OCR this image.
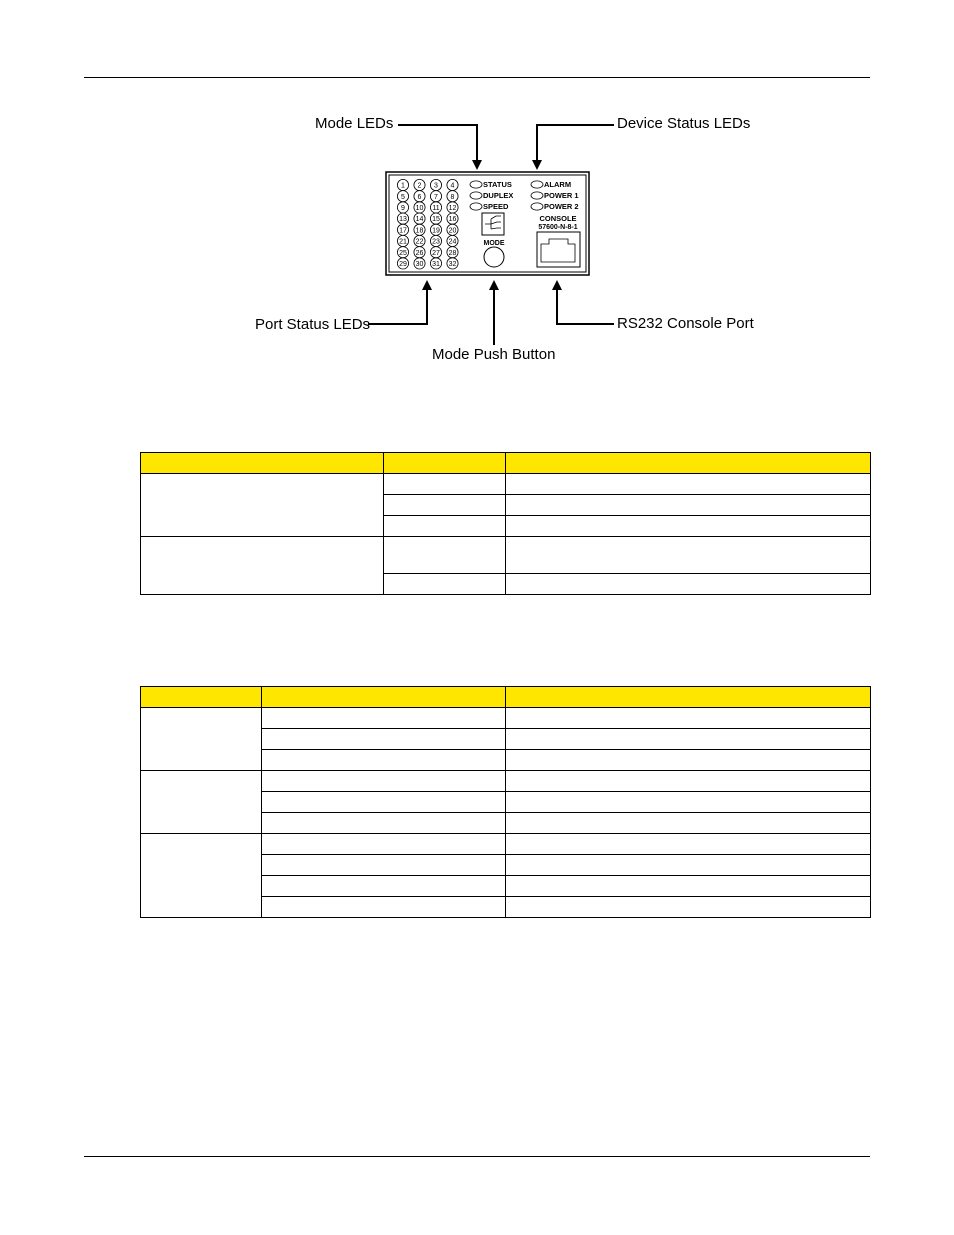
1 2 3 4
5 6 7 8
9 10 11 12
13 14 15 16
17 18 19 20
21 22 23 24
25 26 27 28
29 30 31 32
STATUS
DUPLEX
SPEED
ALARM
POWER 1
POWER 2
MODE
CONSOLE
57600-N-8-1
Mode LEDs	Device Status LEDs
Port Status LEDs
Mode Push Button
RS232 Console Port
